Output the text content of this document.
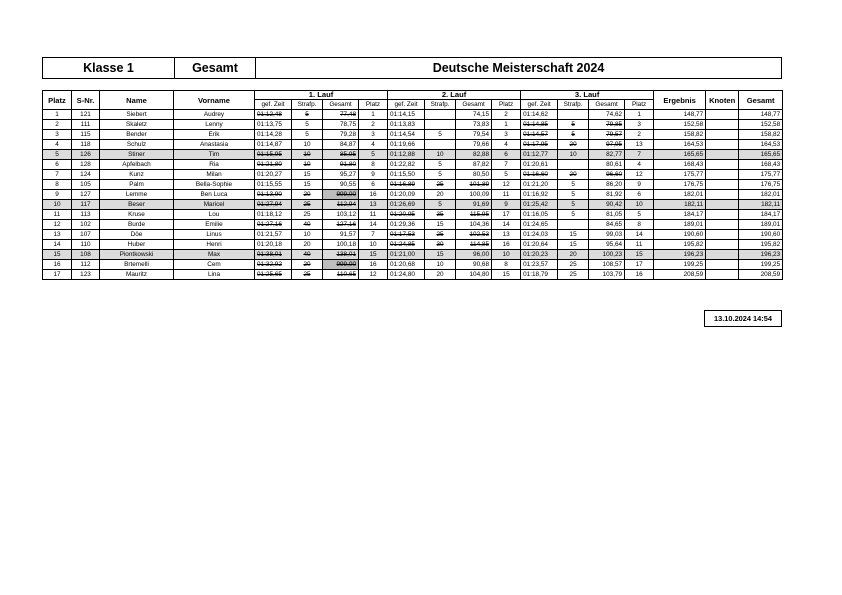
Klasse 1	Gesamt	Deutsche Meisterschaft 2024
Platz	S-Nr.	Name	Vorname	1. Lauf				2. Lauf				3. Lauf				Ergebnis	Knoten	Gesamt
				gef. Zeit	Strafp.	Gesamt	Platz	gef. Zeit	Strafp.	Gesamt	Platz	gef. Zeit	Strafp.	Gesamt	Platz			
1	121	Siebert	Audrey	01:12,48	5	77,48	1	01:14,15		74,15	2	01:14,62		74,62	1	148,77		148,77
2	111	Skaletz	Lenny	01:13,75	5	78,75	2	01:13,83		73,83	1	01:14,85	5	79,85	3	152,58		152,58
3	115	Bender	Erik	01:14,28	5	79,28	3	01:14,54	5	79,54	3	01:14,57	5	79,57	2	158,82		158,82
4	118	Schulz	Anastasia	01:14,87	10	84,87	4	01:19,66		79,66	4	01:17,95	20	97,95	13	164,53		164,53
5	126	Stiner	Tim	01:15,95	10	85,95	5	01:12,88	10	82,88	6	01:12,77	10	82,77	7	165,65		165,65
6	128	Apfelbach	Ria	01:21,80	10	91,80	8	01:22,82	5	87,82	7	01:20,61		80,61	4	168,43		168,43
7	124	Kunz	Milan	01:20,27	15	95,27	9	01:15,50	5	80,50	5	01:16,60	20	96,60	12	175,77		175,77
8	105	Palm	Bella-Sophie	01:15,55	15	90,55	6	01:16,89	25	101,89	12	01:21,20	5	86,20	9	176,75		176,75
9	127	Lemme	Ben Luca	01:13,90	20	999,00	16	01:20,09	20	100,09	11	01:16,92	5	81,92	6	182,01		182,01
10	117	Beser	Maricel	01:27,94	25	112,94	13	01:26,69	5	91,69	9	01:25,42	5	90,42	10	182,11		182,11
11	113	Kruse	Lou	01:18,12	25	103,12	11	01:20,95	35	115,95	17	01:16,05	5	81,05	5	184,17		184,17
12	102	Burde	Emilie	01:27,16	40	127,16	14	01:29,36	15	104,36	14	01:24,65		84,65	8	189,01		189,01
13	107	Döe	Linus	01:21,57	10	91,57	7	01:17,53	25	102,53	13	01:24,03	15	99,03	14	190,60		190,60
14	110	Huber	Henri	01:20,18	20	100,18	10	01:24,85	30	114,85	16	01:20,64	15	95,64	11	195,82		195,82
15	108	Piontkowski	Max	01:38,01	40	138,01	15	01:21,00	15	96,00	10	01:20,23	20	100,23	15	196,23		196,23
16	112	Brtemelli	Cem	01:32,92	20	999,00	16	01:20,68	10	90,68	8	01:23,57	25	108,57	17	199,25		199,25
17	123	Mauritz	Lina	01:25,65	25	110,65	12	01:24,80	20	104,80	15	01:18,79	25	103,79	16	208,59		208,59
13.10.2024 14:54
